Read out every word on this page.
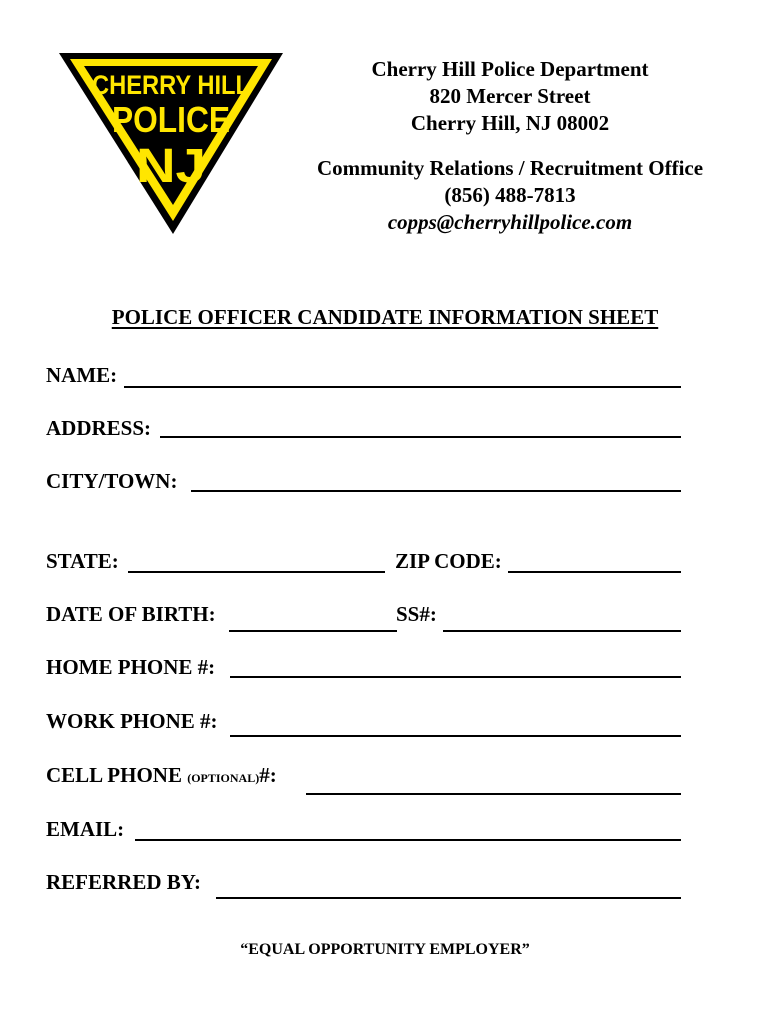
CHERRY HILL
POLICE
NJ
Cherry Hill Police Department
820 Mercer Street
Cherry Hill, NJ 08002
Community Relations / Recruitment Office
(856) 488-7813
copps@cherryhillpolice.com
POLICE OFFICER CANDIDATE INFORMATION SHEET
NAME:
ADDRESS:
CITY/TOWN:
STATE:	ZIP CODE:
DATE OF BIRTH:	SS#:
HOME PHONE #:
WORK PHONE #:
CELL PHONE (OPTIONAL)#:
EMAIL:
REFERRED BY:
“EQUAL OPPORTUNITY EMPLOYER”
